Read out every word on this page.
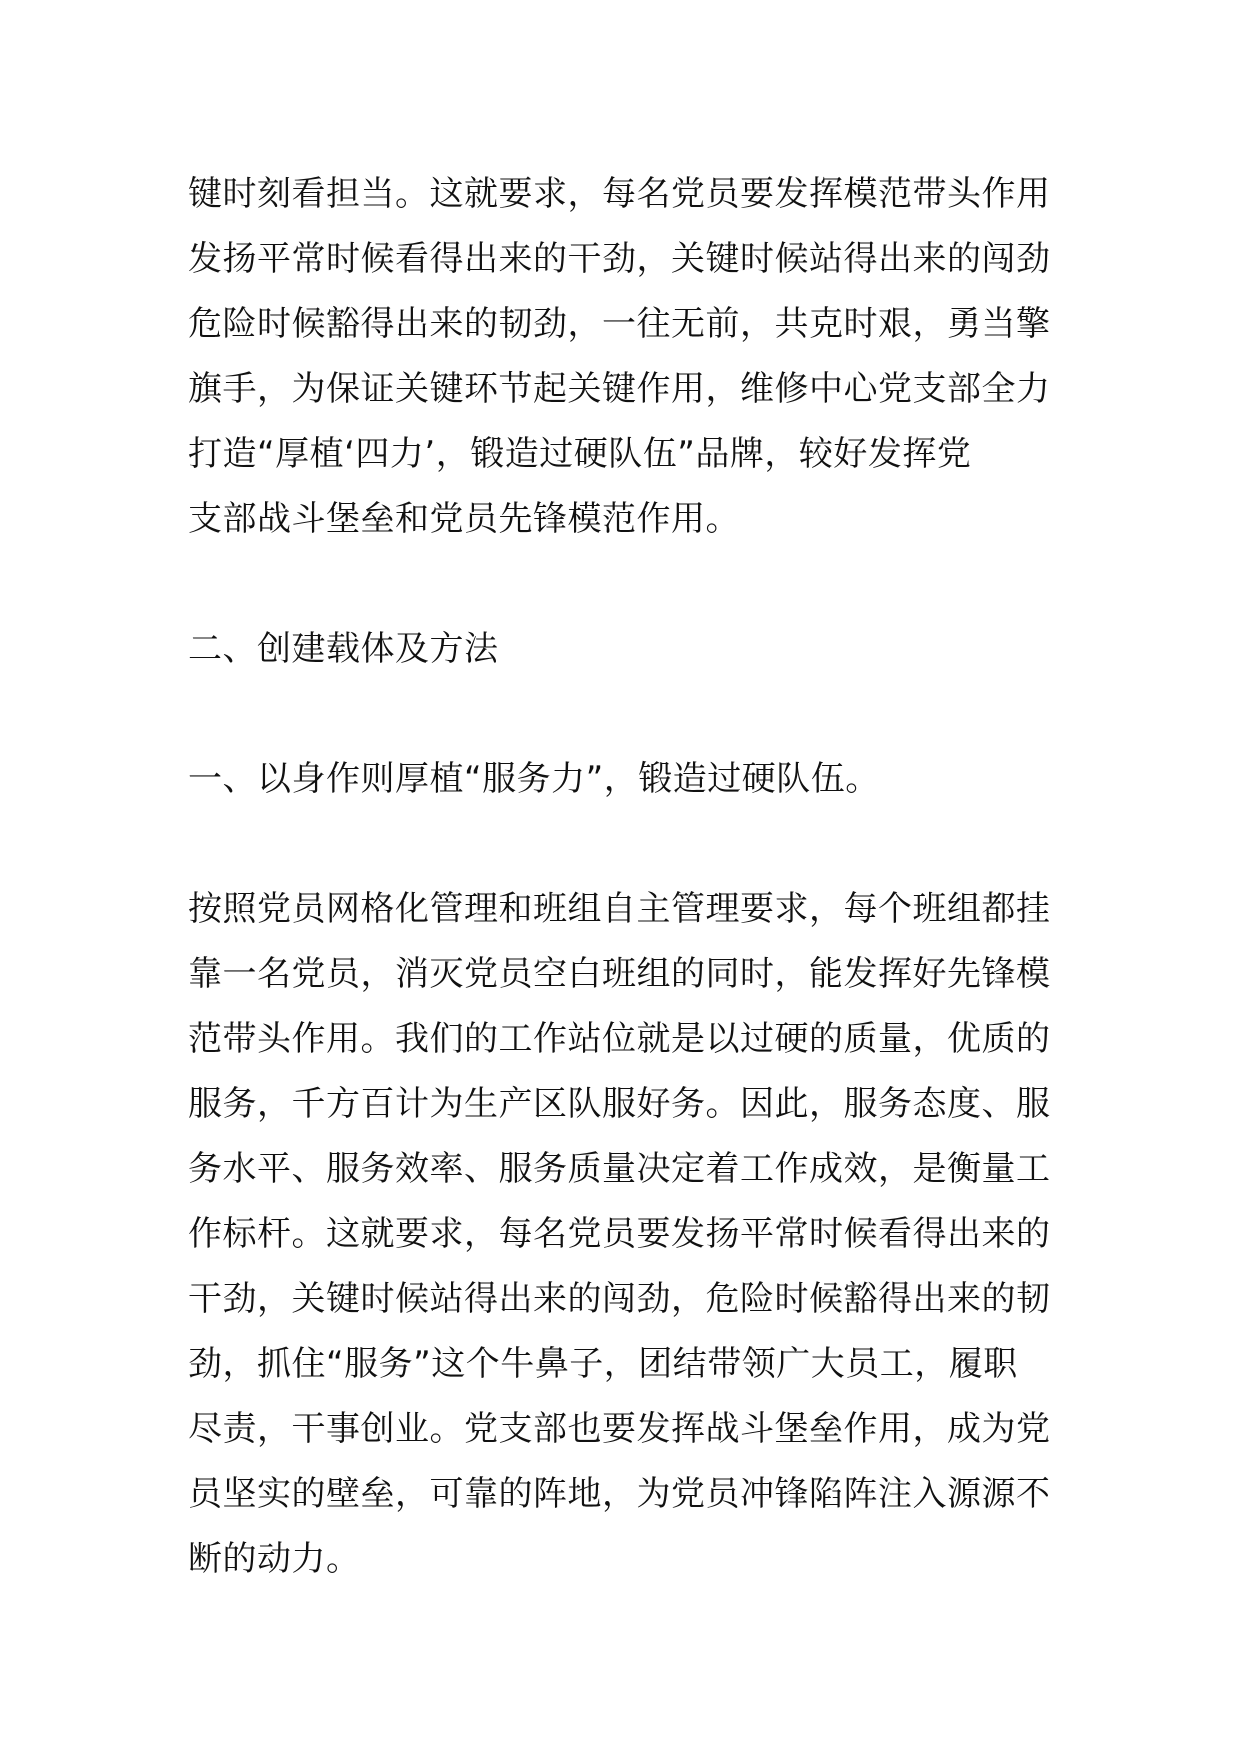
键时刻看担当。这就要求，每名党员要发挥模范带头作用
发扬平常时候看得出来的干劲，关键时候站得出来的闯劲
危险时候豁得出来的韧劲，一往无前，共克时艰，勇当擎
旗手，为保证关键环节起关键作用，维修中心党支部全力
打造“厚植‘四力’，锻造过硬队伍”品牌，较好发挥党
支部战斗堡垒和党员先锋模范作用。
二、创建载体及方法
一、以身作则厚植“服务力”，锻造过硬队伍。
按照党员网格化管理和班组自主管理要求，每个班组都挂
靠一名党员，消灭党员空白班组的同时，能发挥好先锋模
范带头作用。我们的工作站位就是以过硬的质量，优质的
服务，千方百计为生产区队服好务。因此，服务态度、服
务水平、服务效率、服务质量决定着工作成效，是衡量工
作标杆。这就要求，每名党员要发扬平常时候看得出来的
干劲，关键时候站得出来的闯劲，危险时候豁得出来的韧
劲，抓住“服务”这个牛鼻子，团结带领广大员工，履职
尽责，干事创业。党支部也要发挥战斗堡垒作用，成为党
员坚实的壁垒，可靠的阵地，为党员冲锋陷阵注入源源不
断的动力。
